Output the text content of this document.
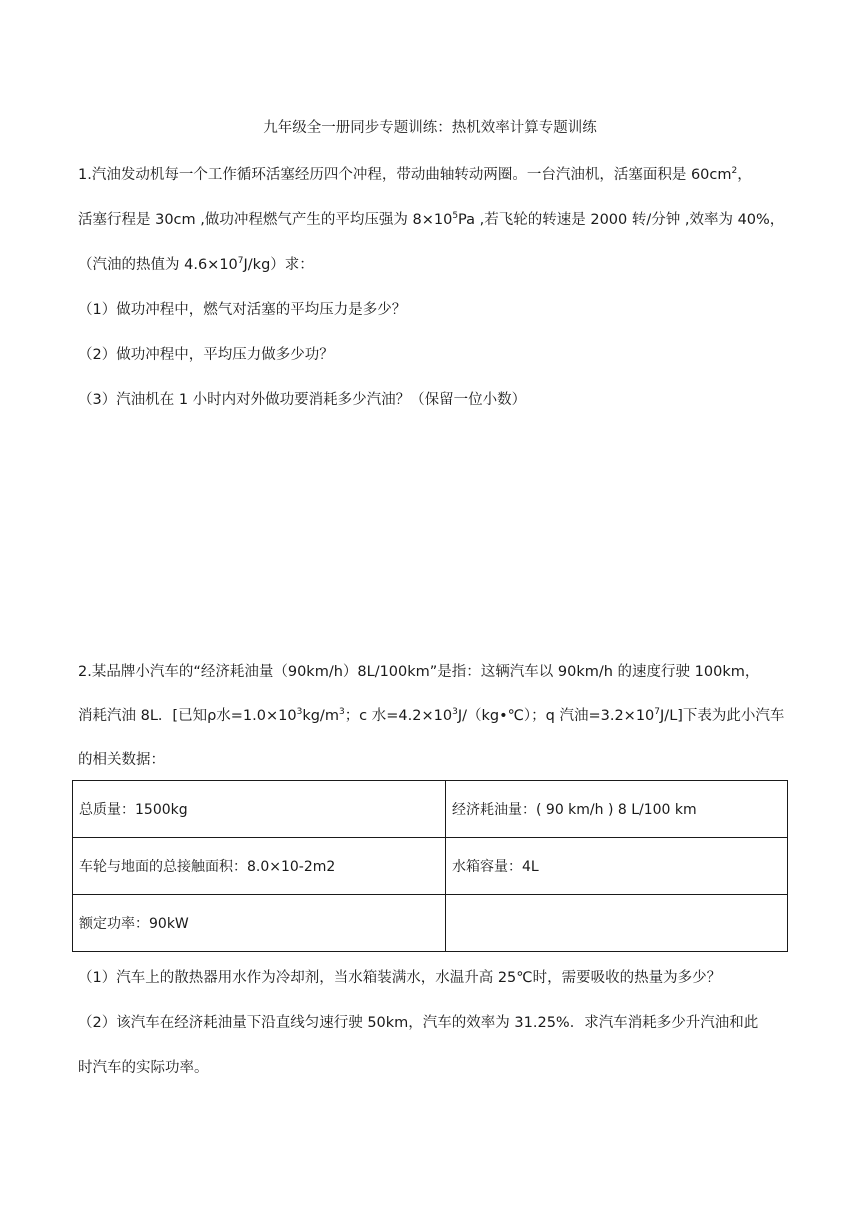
九年级全一册同步专题训练：热机效率计算专题训练
1.汽油发动机每一个工作循环活塞经历四个冲程，带动曲轴转动两圈。一台汽油机，活塞面积是 $60cm^2$，
活塞行程是 30cm ,做功冲程燃气产生的平均压强为 $8\times 10^5Pa$ ,若飞轮的转速是 2000 转/分钟 ,效率为 40%，
（汽油的热值为 $4.6\times 10^7J/kg$）求：
（1）做功冲程中，燃气对活塞的平均压力是多少？
（2）做功冲程中，平均压力做多少功？
（3）汽油机在 1 小时内对外做功要消耗多少汽油？（保留一位小数）
2.某品牌小汽车的“经济耗油量（90km/h）8L/100km”是指：这辆汽车以 90km/h 的速度行驶 100km，
消耗汽油 8L．[已知ρ水$=1.0\times 10^3kg/m^3$；c 水$=4.2\times 10^3J/(kg•℃)$；q 汽油$=3.2\times 10^7J/L$]下表为此小汽车
的相关数据：
总质量：1500kg	经济耗油量：( 90 km/h ) 8 L/100 km
车轮与地面的总接触面积：8.0×10-2m2	水箱容量：4L
额定功率：90kW	
（1）汽车上的散热器用水作为冷却剂，当水箱装满水，水温升高 25℃时，需要吸收的热量为多少？
（2）该汽车在经济耗油量下沿直线匀速行驶 50km，汽车的效率为 31.25%．求汽车消耗多少升汽油和此
时汽车的实际功率。
